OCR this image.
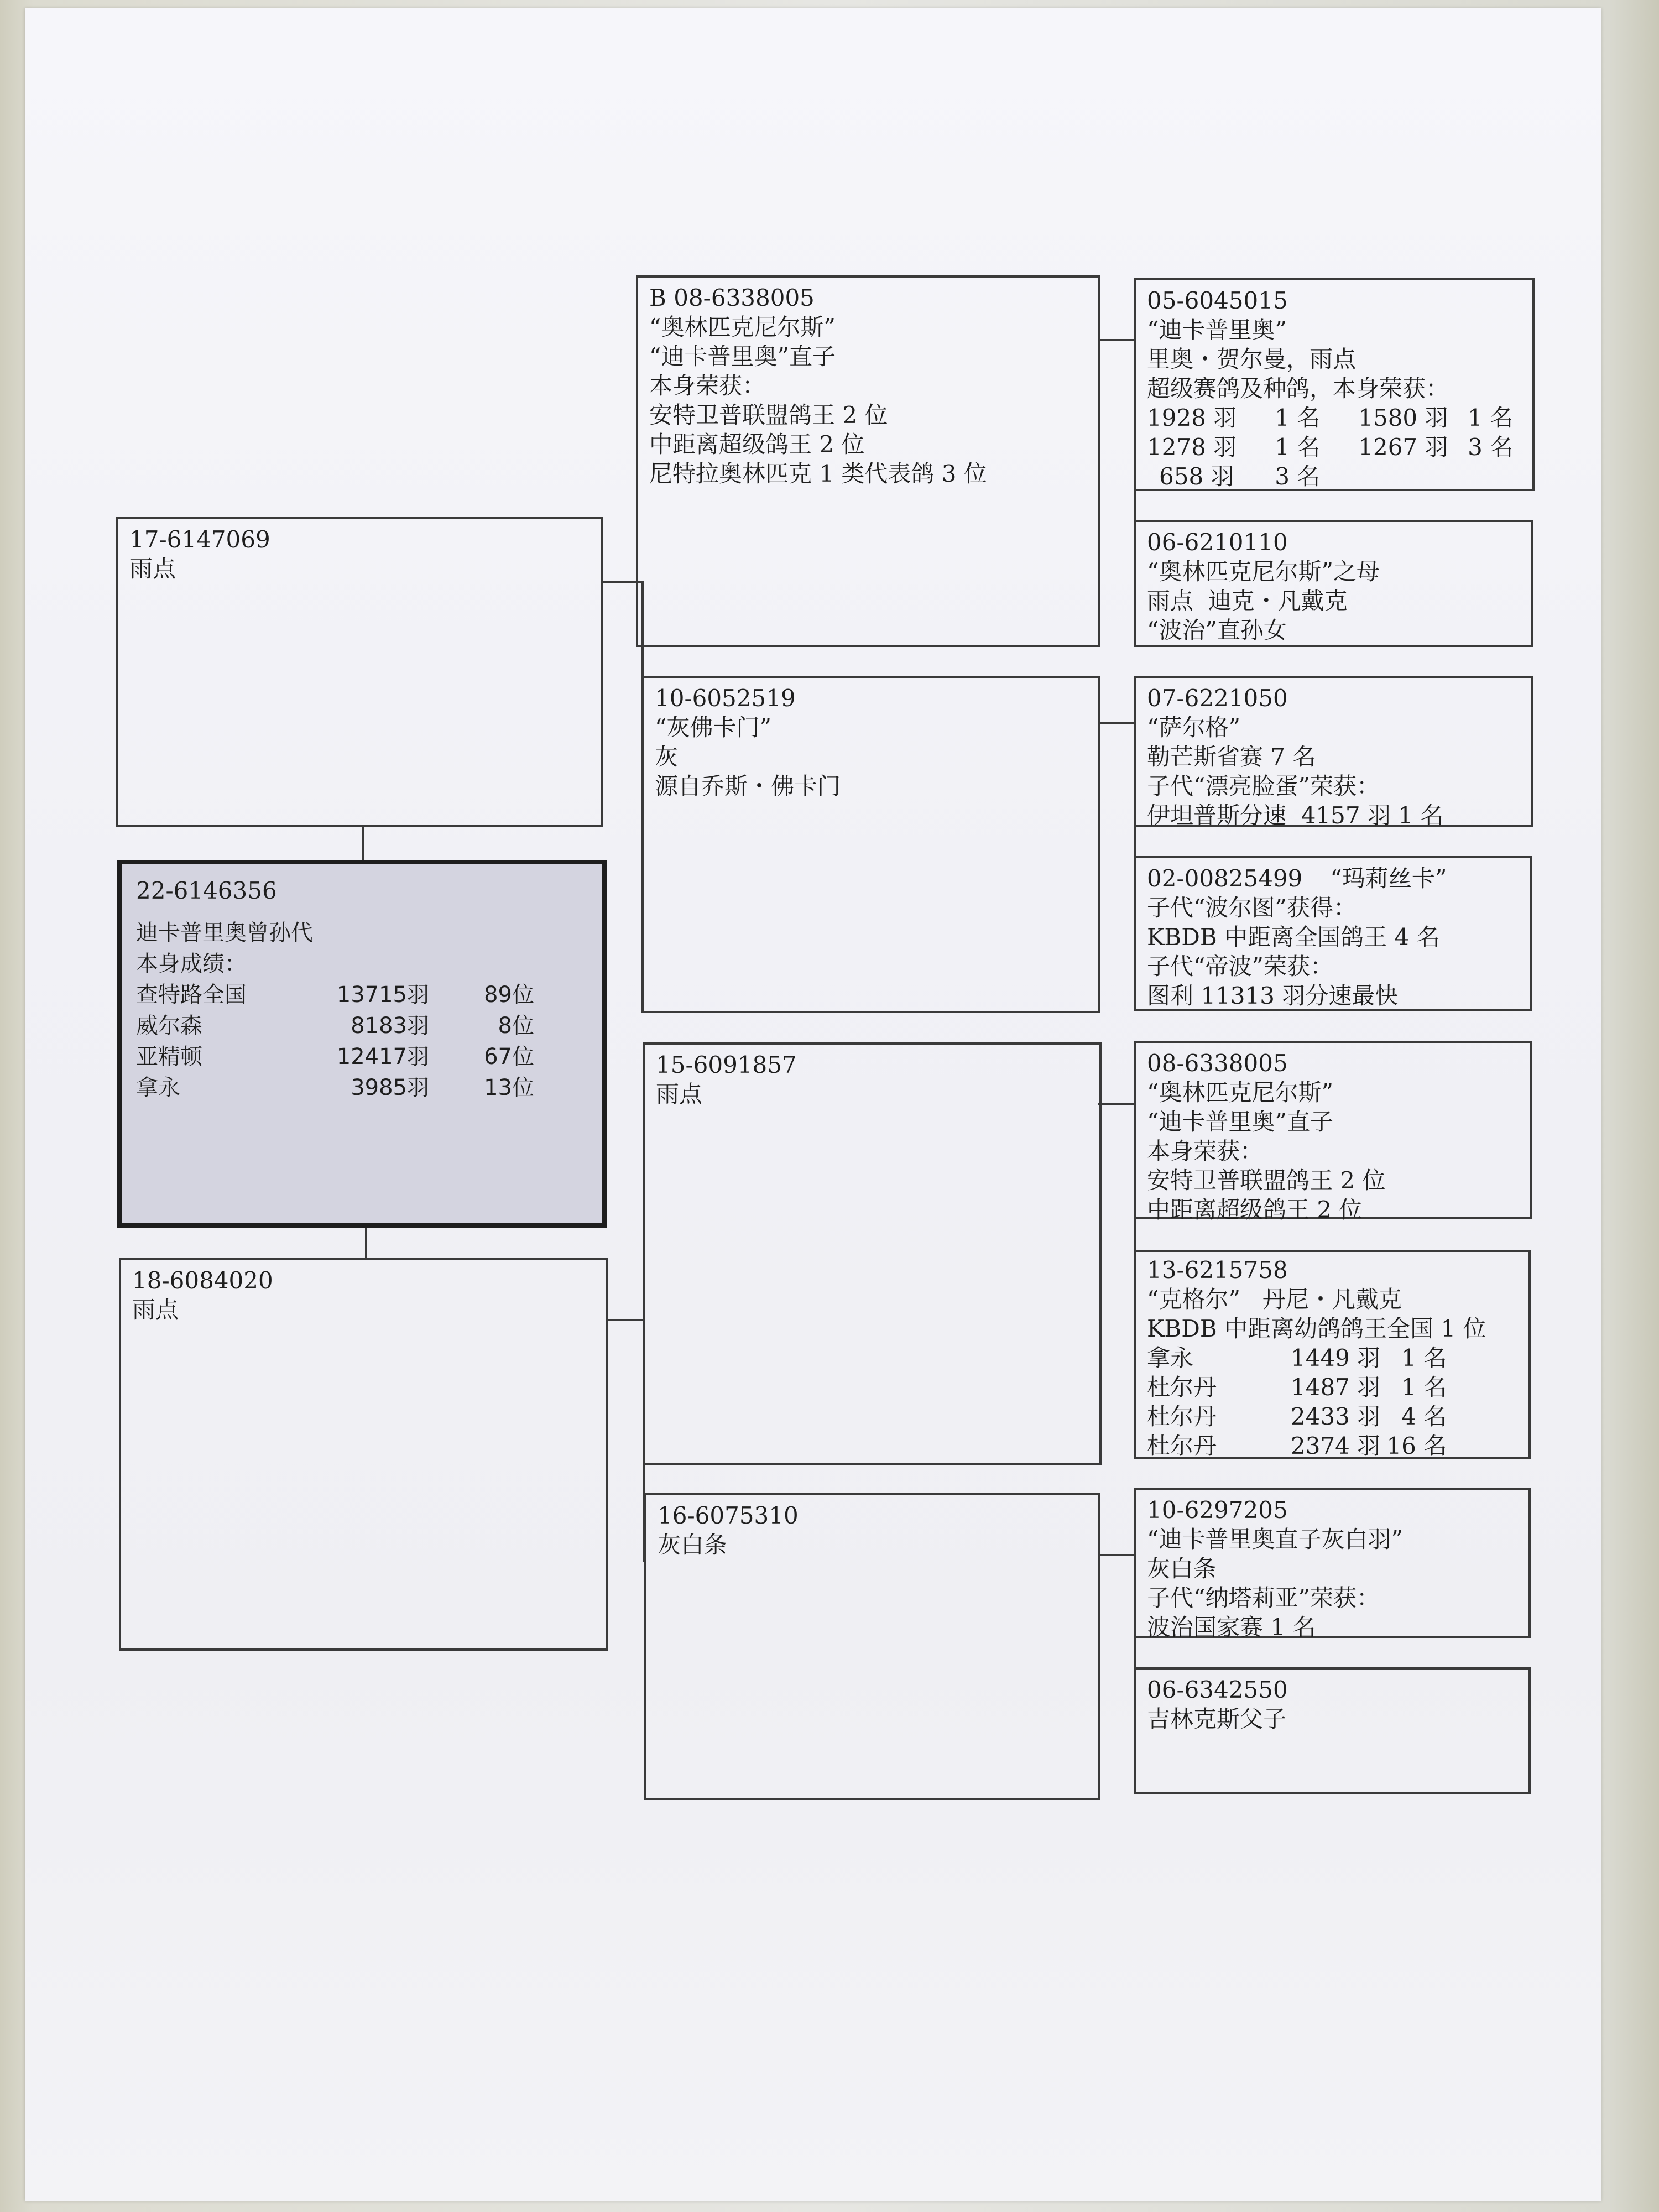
22-6146356
迪卡普里奥曾孙代
本身成绩：
查特路全国	13715羽	89位
威尔森	8183羽	8位
亚精顿	12417羽	67位
拿永	3985羽	13位
17-6147069
雨点
18-6084020
雨点
B 08-6338005
“奥林匹克尼尔斯”
“迪卡普里奥”直子
本身荣获：
安特卫普联盟鸽王 2 位
中距离超级鸽王 2 位
尼特拉奥林匹克 1 类代表鸽 3 位
10-6052519
“灰佛卡门”
灰
源自乔斯・佛卡门
15-6091857
雨点
16-6075310
灰白条
05-6045015
“迪卡普里奥”
里奥・贺尔曼，雨点
超级赛鸽及种鸽，本身荣获：
1928 羽	1 名	1580 羽	1 名
1278 羽	1 名	1267 羽	3 名
658 羽	3 名		
06-6210110
“奥林匹克尼尔斯”之母
雨点  迪克・凡戴克
“波治”直孙女
07-6221050
“萨尔格”
勒芒斯省赛 7 名
子代“漂亮脸蛋”荣获：
伊坦普斯分速  4157 羽 1 名
02-00825499 “玛莉丝卡”
子代“波尔图”获得：
KBDB 中距离全国鸽王 4 名
子代“帝波”荣获：
图利 11313 羽分速最快
08-6338005
“奥林匹克尼尔斯”
“迪卡普里奥”直子
本身荣获：
安特卫普联盟鸽王 2 位
中距离超级鸽王 2 位
13-6215758
“克格尔”   丹尼・凡戴克
KBDB 中距离幼鸽鸽王全国 1 位
拿永	1449 羽	1 名
杜尔丹	1487 羽	1 名
杜尔丹	2433 羽	4 名
杜尔丹	2374 羽	16 名
10-6297205
“迪卡普里奥直子灰白羽”
灰白条
子代“纳塔莉亚”荣获：
波治国家赛 1 名
06-6342550
吉林克斯父子
